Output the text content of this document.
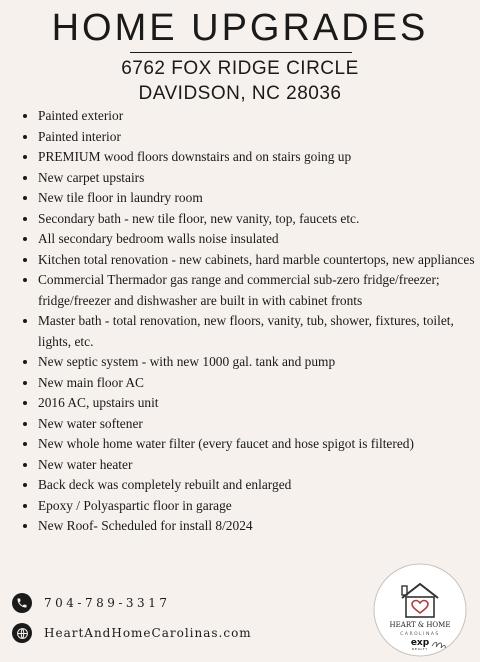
HOME UPGRADES
6762 FOX RIDGE CIRCLE
DAVIDSON, NC 28036
• Painted exterior
• Painted interior
• PREMIUM wood floors downstairs and on stairs going up
• New carpet upstairs
• New tile floor in laundry room
• Secondary bath - new tile floor, new vanity, top, faucets etc.
• All secondary bedroom walls noise insulated
• Kitchen total renovation - new cabinets, hard marble countertops, new appliances
• Commercial Thermador gas range and commercial sub-zero fridge/freezer; fridge/freezer and dishwasher are built in with cabinet fronts
• Master bath - total renovation, new floors, vanity, tub, shower, fixtures, toilet, lights, etc.
• New septic system - with new 1000 gal. tank and pump
• New main floor AC
• 2016 AC, upstairs unit
• New water softener
• New whole home water filter (every faucet and hose spigot is filtered)
• New water heater
• Back deck was completely rebuilt and enlarged
• Epoxy / Polyaspartic floor in garage
• New Roof- Scheduled for install 8/2024
704-789-3317
HeartAndHomeCarolinas.com
HEART & HOME
CAROLINAS
exp
REALTY
